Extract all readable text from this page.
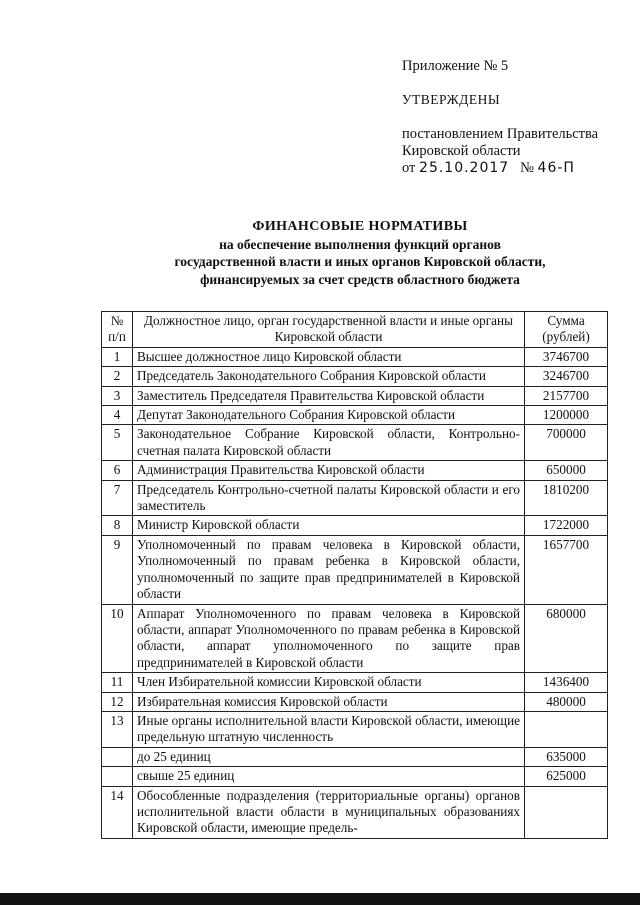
Приложение № 5
УТВЕРЖДЕНЫ
постановлением Правительства
Кировской области
от 25.10.2017 № 46-П
ФИНАНСОВЫЕ НОРМАТИВЫ
на обеспечение выполнения функций органов
государственной власти и иных органов Кировской области,
финансируемых за счет средств областного бюджета
№ п/п	Должностное лицо, орган государственной власти и иные органы Кировской области	Сумма (рублей)
1	Высшее должностное лицо Кировской области	3746700
2	Председатель Законодательного Собрания Кировской области	3246700
3	Заместитель Председателя Правительства Кировской области	2157700
4	Депутат Законодательного Собрания Кировской области	1200000
5	Законодательное Собрание Кировской области, Контрольно-счетная палата Кировской области	700000
6	Администрация Правительства Кировской области	650000
7	Председатель Контрольно-счетной палаты Кировской области и его заместитель	1810200
8	Министр Кировской области	1722000
9	Уполномоченный по правам человека в Кировской области, Уполномоченный по правам ребенка в Кировской области, уполномоченный по защите прав предпринимателей в Кировской области	1657700
10	Аппарат Уполномоченного по правам человека в Кировской области, аппарат Уполномоченного по правам ребенка в Кировской области, аппарат уполномоченного по защите прав предпринимателей в Кировской области	680000
11	Член Избирательной комиссии Кировской области	1436400
12	Избирательная комиссия Кировской области	480000
13	Иные органы исполнительной власти Кировской области, имеющие предельную штатную численность	
	до 25 единиц	635000
	свыше 25 единиц	625000
14	Обособленные подразделения (территориальные органы) органов исполнительной власти области в муниципальных образованиях Кировской области, имеющие предель-	
